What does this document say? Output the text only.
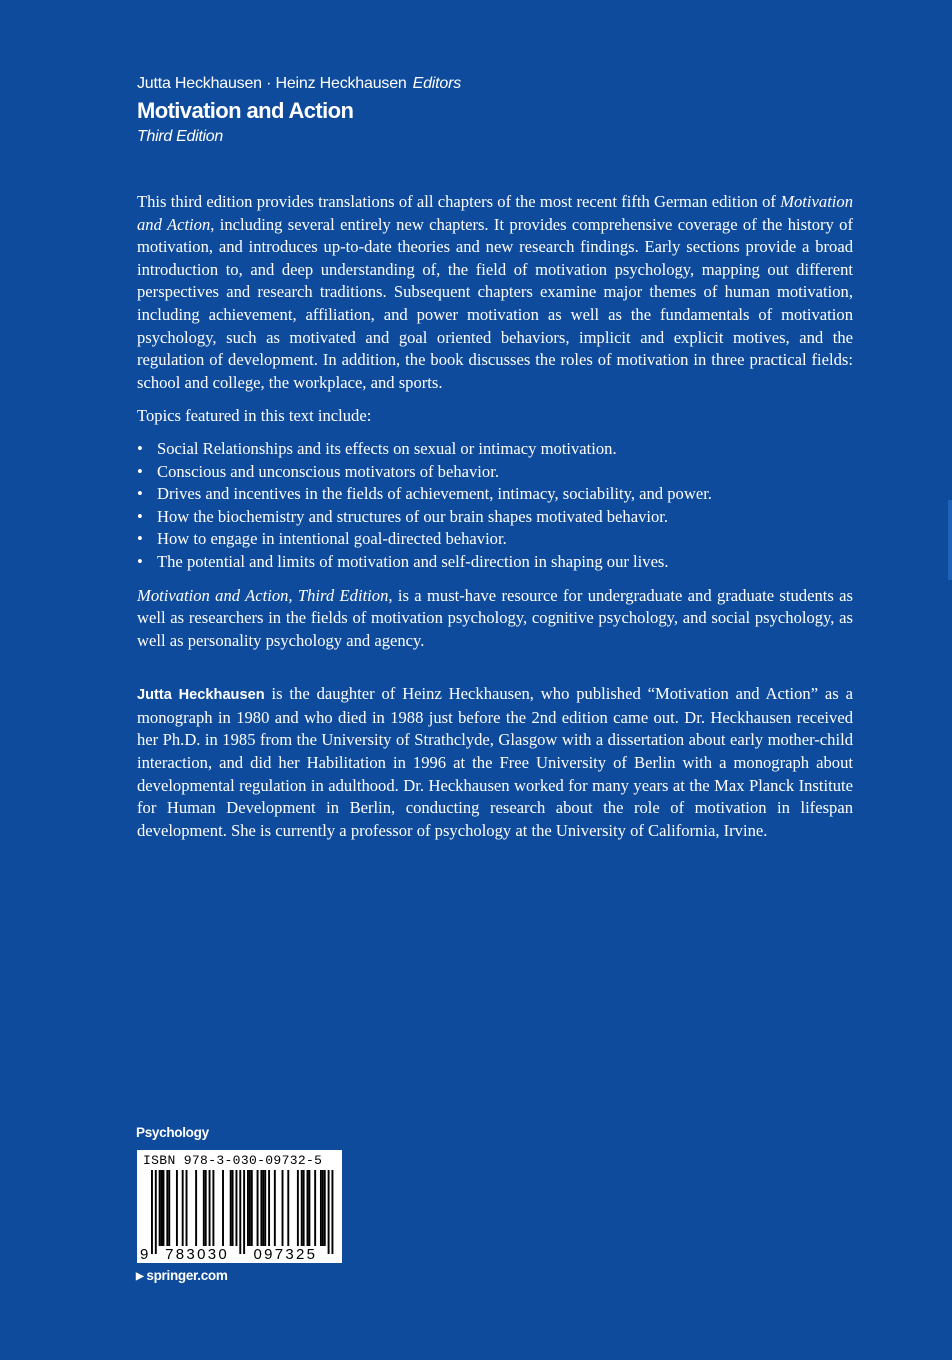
Jutta Heckhausen · Heinz Heckhausen Editors
Motivation and Action
Third Edition

This third edition provides translations of all chapters of the most recent fifth German edition of Motivation and Action, including several entirely new chapters. It provides comprehensive coverage of the history of motivation, and introduces up-to-date theories and new research findings. Early sections provide a broad introduction to, and deep understanding of, the field of motivation psychology, mapping out different perspectives and research traditions. Subsequent chapters examine major themes of human motivation, including achievement, affiliation, and power motivation as well as the fundamentals of motivation psychology, such as motivated and goal oriented behaviors, implicit and explicit motives, and the regulation of development. In addition, the book discusses the roles of motivation in three practical fields: school and college, the workplace, and sports.

Topics featured in this text include:

• Social Relationships and its effects on sexual or intimacy motivation.
• Conscious and unconscious motivators of behavior.
• Drives and incentives in the fields of achievement, intimacy, sociability, and power.
• How the biochemistry and structures of our brain shapes motivated behavior.
• How to engage in intentional goal-directed behavior.
• The potential and limits of motivation and self-direction in shaping our lives.

Motivation and Action, Third Edition, is a must-have resource for undergraduate and graduate students as well as researchers in the fields of motivation psychology, cognitive psychology, and social psychology, as well as personality psychology and agency.

Jutta Heckhausen is the daughter of Heinz Heckhausen, who published “Motivation and Action” as a monograph in 1980 and who died in 1988 just before the 2nd edition came out. Dr. Heckhausen received her Ph.D. in 1985 from the University of Strathclyde, Glasgow with a dissertation about early mother-child interaction, and did her Habilitation in 1996 at the Free University of Berlin with a monograph about developmental regulation in adulthood. Dr. Heckhausen worked for many years at the Max Planck Institute for Human Development in Berlin, conducting research about the role of motivation in lifespan development. She is currently a professor of psychology at the University of California, Irvine.

Psychology
ISBN 978-3-030-09732-5
9 783030 097325
▶ springer.com
